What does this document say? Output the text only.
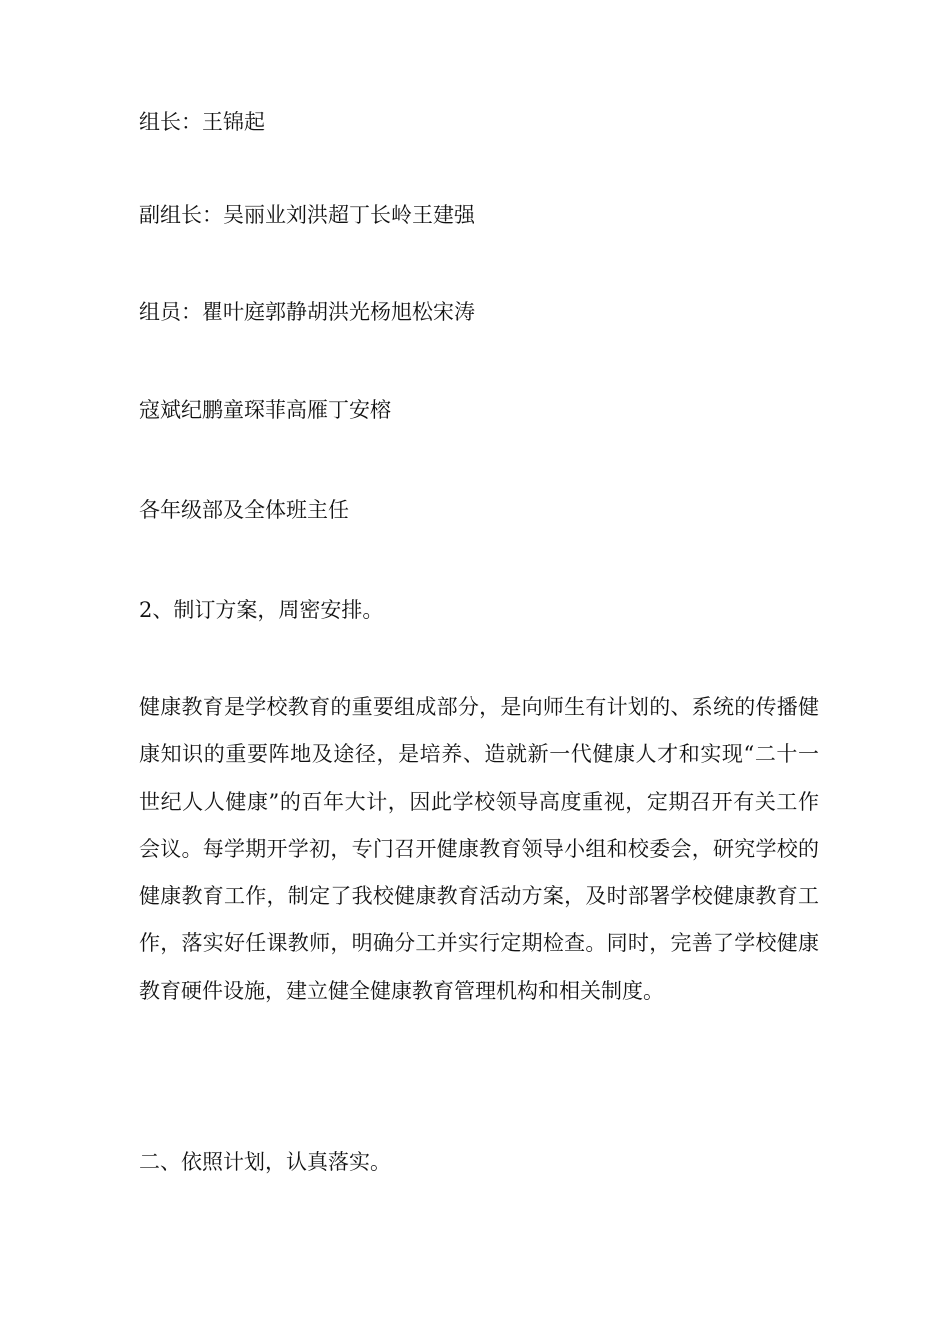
组长：王锦起
副组长：吴丽业刘洪超丁长岭王建强
组员：瞿叶庭郭静胡洪光杨旭松宋涛
寇斌纪鹏童琛菲高雁丁安榕
各年级部及全体班主任
2、制订方案，周密安排。

健康教育是学校教育的重要组成部分，是向师生有计划的、系统的传播健康知识的重要阵地及途径，是培养、造就新一代健康人才和实现“二十一世纪人人健康”的百年大计，因此学校领导高度重视，定期召开有关工作会议。每学期开学初，专门召开健康教育领导小组和校委会，研究学校的健康教育工作，制定了我校健康教育活动方案，及时部署学校健康教育工作，落实好任课教师，明确分工并实行定期检查。同时，完善了学校健康教育硬件设施，建立健全健康教育管理机构和相关制度。

二、依照计划，认真落实。
